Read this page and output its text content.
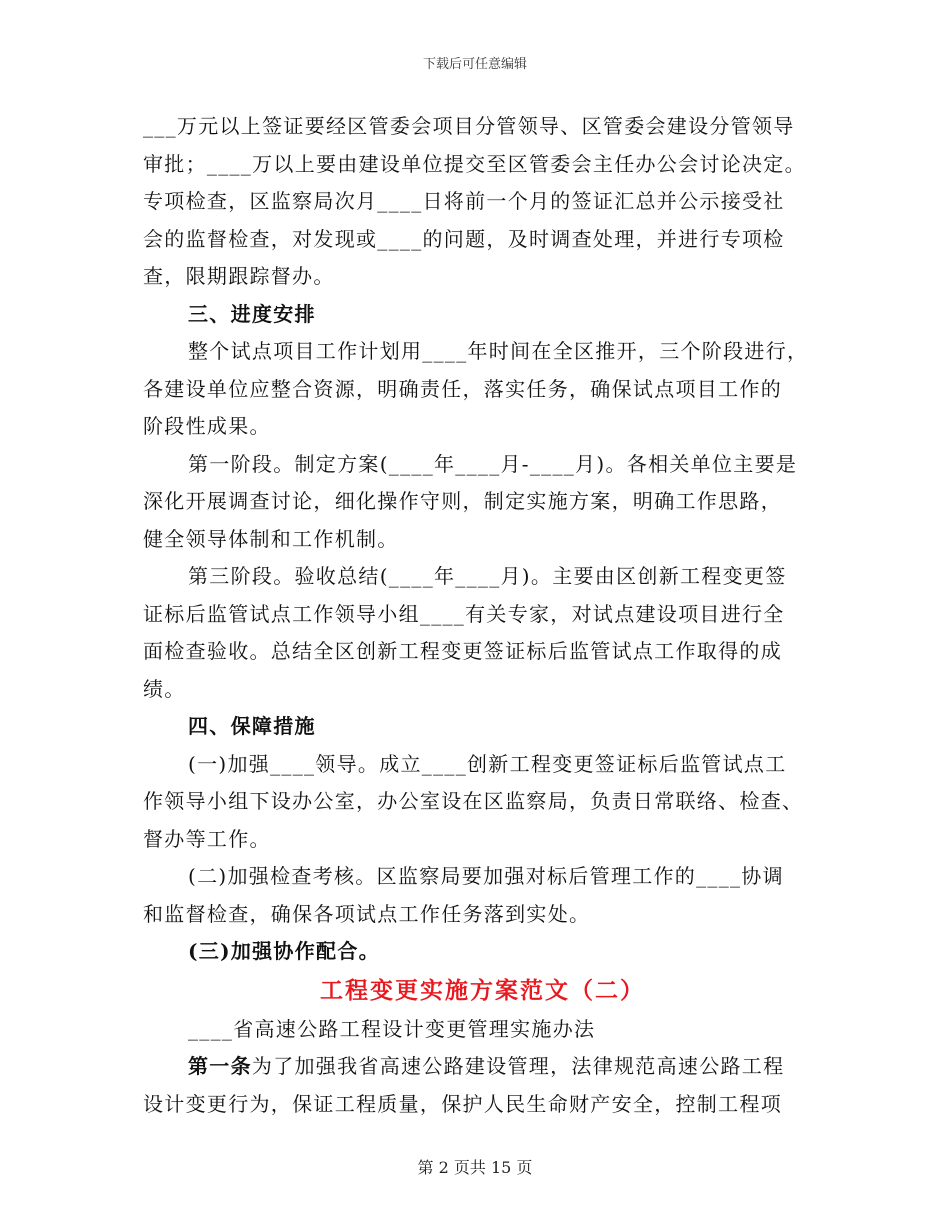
下载后可任意编辑
___万元以上签证要经区管委会项目分管领导、区管委会建设分管领导
审批；____万以上要由建设单位提交至区管委会主任办公会讨论决定。
专项检查，区监察局次月____日将前一个月的签证汇总并公示接受社
会的监督检查，对发现或____的问题，及时调查处理，并进行专项检
查，限期跟踪督办。
三、进度安排
整个试点项目工作计划用____年时间在全区推开，三个阶段进行，
各建设单位应整合资源，明确责任，落实任务，确保试点项目工作的
阶段性成果。
第一阶段。制定方案(____年____月-____月)。各相关单位主要是
深化开展调查讨论，细化操作守则，制定实施方案，明确工作思路，
健全领导体制和工作机制。
第三阶段。验收总结(____年____月)。主要由区创新工程变更签
证标后监管试点工作领导小组____有关专家，对试点建设项目进行全
面检查验收。总结全区创新工程变更签证标后监管试点工作取得的成
绩。
四、保障措施
(一)加强____领导。成立____创新工程变更签证标后监管试点工
作领导小组下设办公室，办公室设在区监察局，负责日常联络、检查、
督办等工作。
(二)加强检查考核。区监察局要加强对标后管理工作的____协调
和监督检查，确保各项试点工作任务落到实处。
(三)加强协作配合。
工程变更实施方案范文（二）
____省高速公路工程设计变更管理实施办法
第一条为了加强我省高速公路建设管理，法律规范高速公路工程
设计变更行为，保证工程质量，保护人民生命财产安全，控制工程项
第 2 页共 15 页
